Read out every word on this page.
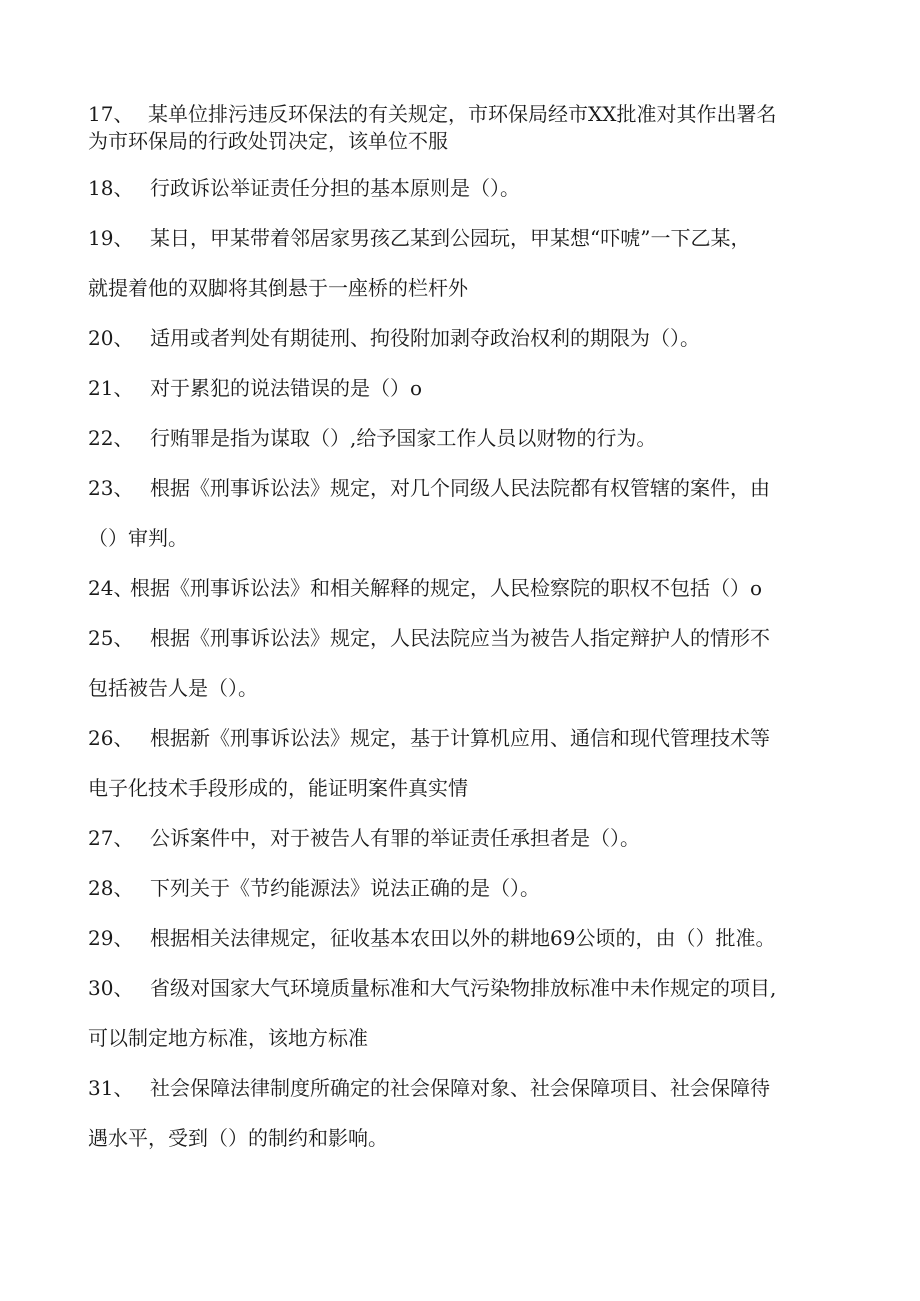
17、 某单位排污违反环保法的有关规定，市环保局经市XX批准对其作出署名
为市环保局的行政处罚决定，该单位不服
18、 行政诉讼举证责任分担的基本原则是（）。
19、 某日，甲某带着邻居家男孩乙某到公园玩，甲某想“吓唬”一下乙某，
就提着他的双脚将其倒悬于一座桥的栏杆外
20、 适用或者判处有期徒刑、拘役附加剥夺政治权利的期限为（）。
21、 对于累犯的说法错误的是（）o
22、 行贿罪是指为谋取（）,给予国家工作人员以财物的行为。
23、 根据《刑事诉讼法》规定，对几个同级人民法院都有权管辖的案件，由
（）审判。
24、根据《刑事诉讼法》和相关解释的规定，人民检察院的职权不包括（）o
25、 根据《刑事诉讼法》规定，人民法院应当为被告人指定辩护人的情形不
包括被告人是（）。
26、 根据新《刑事诉讼法》规定，基于计算机应用、通信和现代管理技术等
电子化技术手段形成的，能证明案件真实情
27、 公诉案件中，对于被告人有罪的举证责任承担者是（）。
28、 下列关于《节约能源法》说法正确的是（）。
29、 根据相关法律规定，征收基本农田以外的耕地69公顷的，由（）批准。
30、 省级对国家大气环境质量标准和大气污染物排放标准中未作规定的项目,
可以制定地方标准，该地方标准
31、 社会保障法律制度所确定的社会保障对象、社会保障项目、社会保障待
遇水平，受到（）的制约和影响。
